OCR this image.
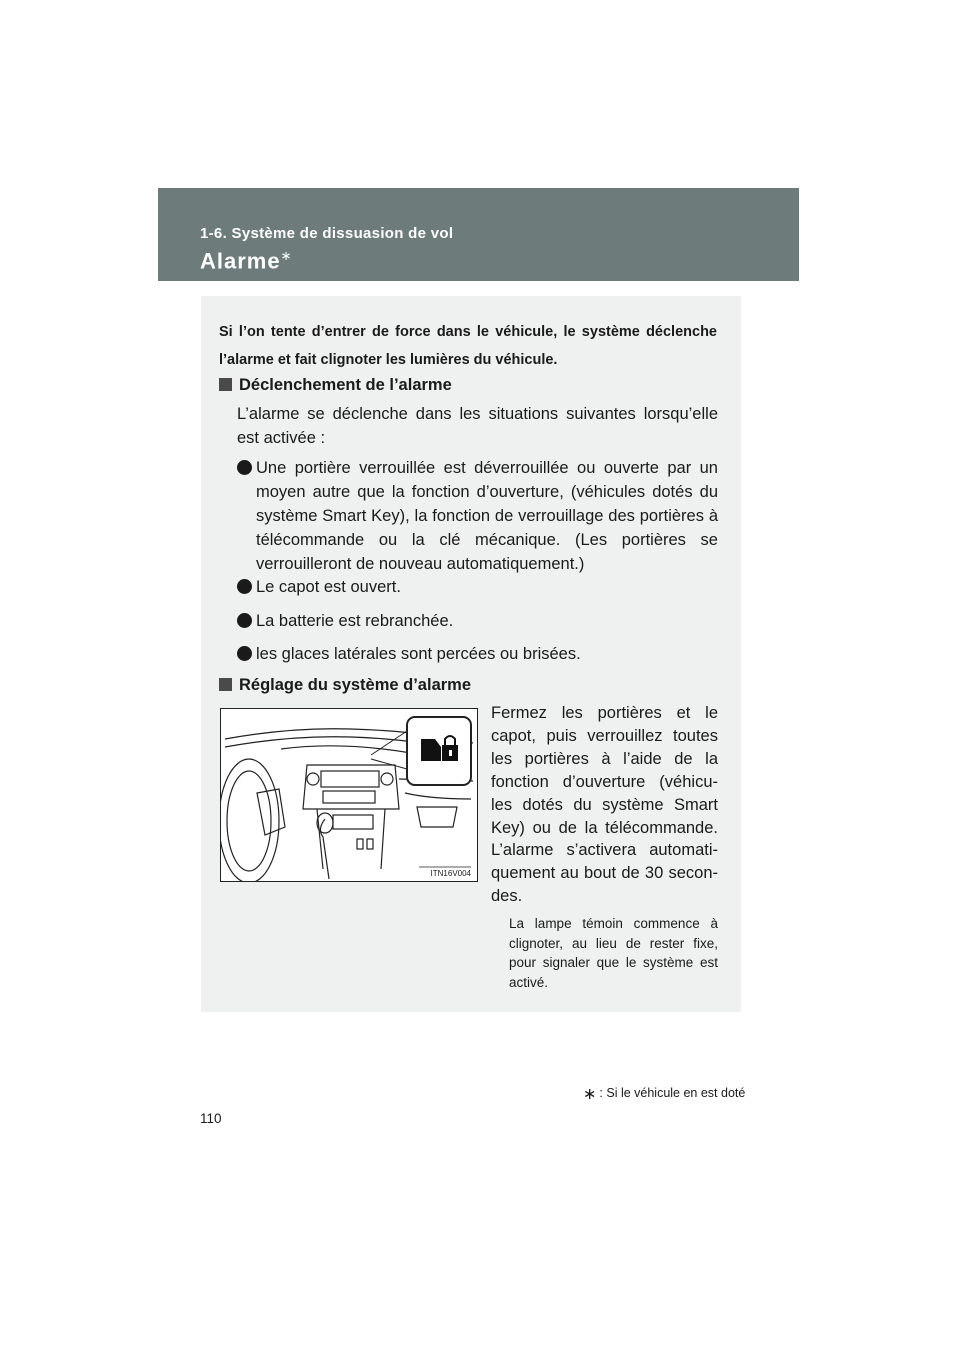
1-6. Système de dissuasion de vol
Alarme∗
Si l’on tente d’entrer de force dans le véhicule, le système déclenche l’alarme et fait clignoter les lumières du véhicule.
Déclenchement de l’alarme
L’alarme se déclenche dans les situations suivantes lorsqu’elle est activée :
Une portière verrouillée est déverrouillée ou ouverte par un moyen autre que la fonction d’ouverture, (véhicules dotés du système Smart Key), la fonction de verrouillage des portières à télécommande ou la clé mécanique. (Les portières se verrouilleront de nouveau automatiquement.)
Le capot est ouvert.
La batterie est rebranchée.
les glaces latérales sont percées ou brisées.
Réglage du système d’alarme
ITN16V004
Fermez les portières et le capot, puis verrouillez toutes les portières à l’aide de la fonction d’ouverture (véhicu-les dotés du système Smart Key) ou de la télécommande. L’alarme s’activera automati-quement au bout de 30 secon-des.
La lampe témoin commence à clignoter, au lieu de rester fixe, pour signaler que le système est activé.
∗ : Si le véhicule en est doté
110
